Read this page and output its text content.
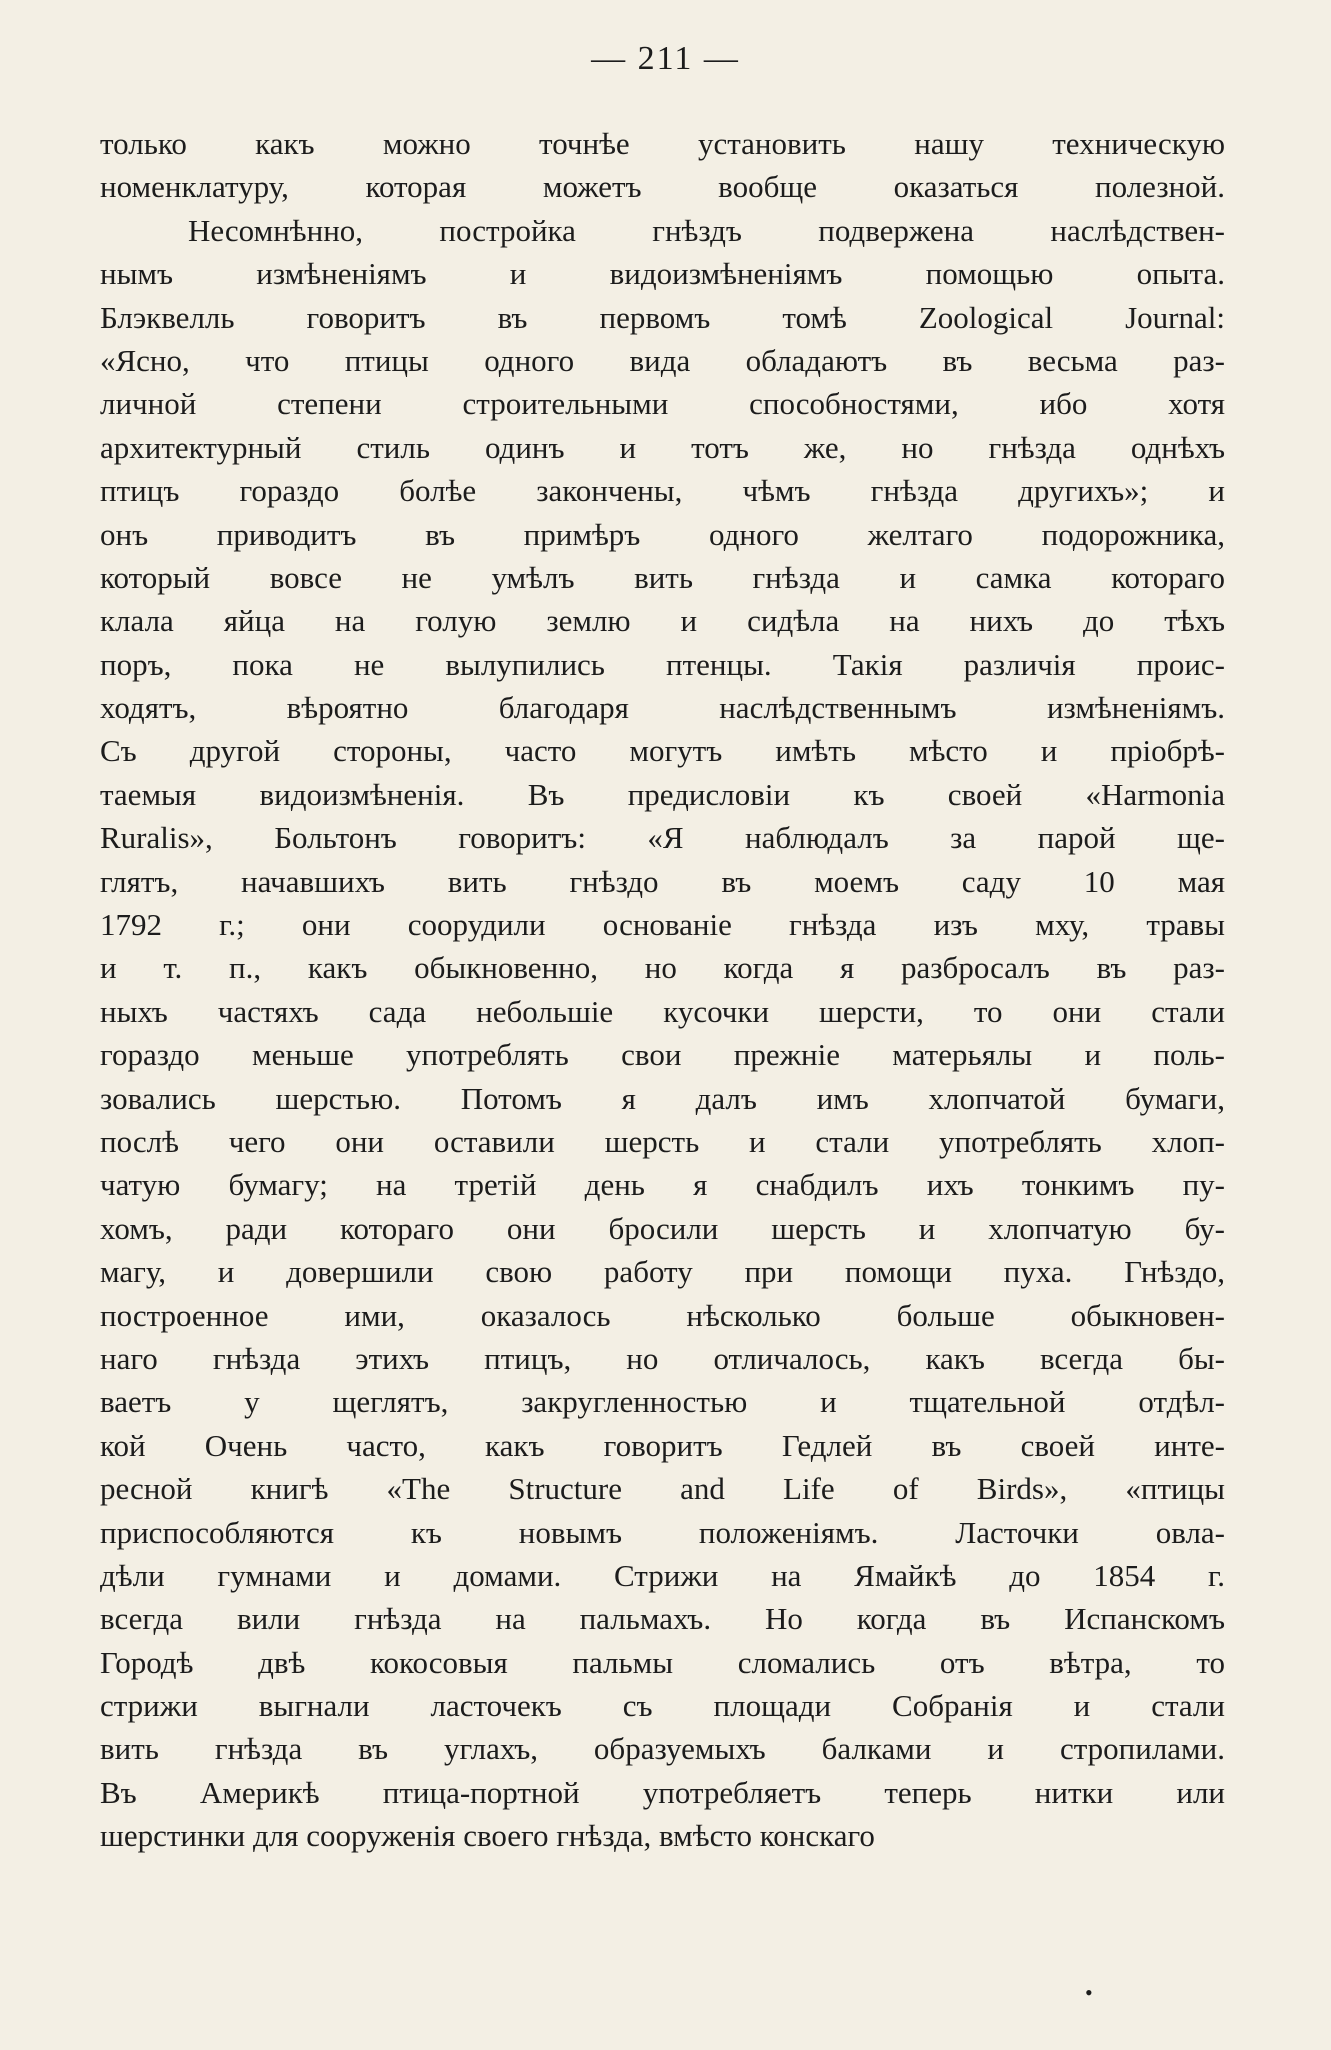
— 211 —
только какъ можно точнѣе установить нашу техническую
номенклатуру, которая можетъ вообще оказаться полезной.
Несомнѣнно, постройка гнѣздъ подвержена наслѣдствен-
нымъ измѣненіямъ и видоизмѣненіямъ помощью опыта.
Блэквелль говоритъ въ первомъ томѣ Zoological Journal:
«Ясно, что птицы одного вида обладаютъ въ весьма раз-
личной степени строительными способностями, ибо хотя
архитектурный стиль одинъ и тотъ же, но гнѣзда однѣхъ
птицъ гораздо болѣе закончены, чѣмъ гнѣзда другихъ»; и
онъ приводитъ въ примѣръ одного желтаго подорожника,
который вовсе не умѣлъ вить гнѣзда и самка котораго
клала яйца на голую землю и сидѣла на нихъ до тѣхъ
поръ, пока не вылупились птенцы. Такія различія проис-
ходятъ, вѣроятно благодаря наслѣдственнымъ измѣненіямъ.
Съ другой стороны, часто могутъ имѣть мѣсто и пріобрѣ-
таемыя видоизмѣненія. Въ предисловіи къ своей «Harmonia
Ruralis», Больтонъ говоритъ: «Я наблюдалъ за парой ще-
глятъ, начавшихъ вить гнѣздо въ моемъ саду 10 мая
1792 г.; они соорудили основаніе гнѣзда изъ мху, травы
и т. п., какъ обыкновенно, но когда я разбросалъ въ раз-
ныхъ частяхъ сада небольшіе кусочки шерсти, то они стали
гораздо меньше употреблять свои прежніе матерьялы и поль-
зовались шерстью. Потомъ я далъ имъ хлопчатой бумаги,
послѣ чего они оставили шерсть и стали употреблять хлоп-
чатую бумагу; на третій день я снабдилъ ихъ тонкимъ пу-
хомъ, ради котораго они бросили шерсть и хлопчатую бу-
магу, и довершили свою работу при помощи пуха. Гнѣздо,
построенное ими, оказалось нѣсколько больше обыкновен-
наго гнѣзда этихъ птицъ, но отличалось, какъ всегда бы-
ваетъ у щеглятъ, закругленностью и тщательной отдѣл-
кой Очень часто, какъ говоритъ Гедлей въ своей инте-
ресной книгѣ «The Structure and Life of Birds», «птицы
приспособляются къ новымъ положеніямъ. Ласточки овла-
дѣли гумнами и домами. Стрижи на Ямайкѣ до 1854 г.
всегда вили гнѣзда на пальмахъ. Но когда въ Испанскомъ
Городѣ двѣ кокосовыя пальмы сломались отъ вѣтра, то
стрижи выгнали ласточекъ съ площади Собранія и стали
вить гнѣзда въ углахъ, образуемыхъ балками и стропилами.
Въ Америкѣ птица-портной употребляетъ теперь нитки или
шерстинки для сооруженія своего гнѣзда, вмѣсто конскаго
•
